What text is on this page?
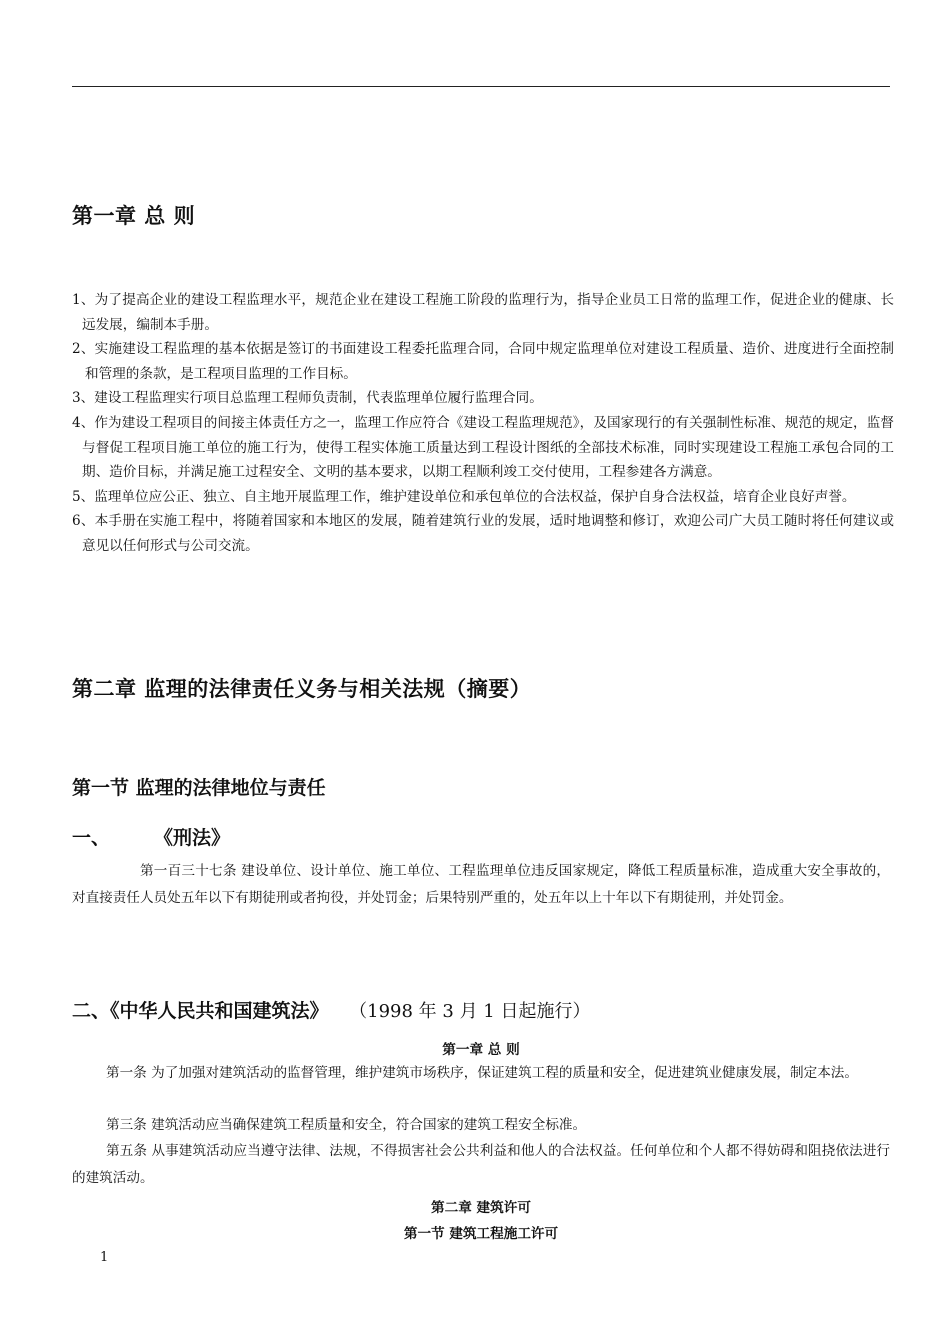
第一章 总 则
1、为了提高企业的建设工程监理水平，规范企业在建设工程施工阶段的监理行为，指导企业员工日常的监理工作，促进企业的健康、长远发展，编制本手册。
2、实施建设工程监理的基本依据是签订的书面建设工程委托监理合同，合同中规定监理单位对建设工程质量、造价、进度进行全面控制和管理的条款，是工程项目监理的工作目标。
3、建设工程监理实行项目总监理工程师负责制，代表监理单位履行监理合同。
4、作为建设工程项目的间接主体责任方之一，监理工作应符合《建设工程监理规范》，及国家现行的有关强制性标准、规范的规定，监督与督促工程项目施工单位的施工行为，使得工程实体施工质量达到工程设计图纸的全部技术标准，同时实现建设工程施工承包合同的工期、造价目标，并满足施工过程安全、文明的基本要求，以期工程顺利竣工交付使用，工程参建各方满意。
5、监理单位应公正、独立、自主地开展监理工作，维护建设单位和承包单位的合法权益，保护自身合法权益，培育企业良好声誉。
6、本手册在实施工程中，将随着国家和本地区的发展，随着建筑行业的发展，适时地调整和修订，欢迎公司广大员工随时将任何建议或意见以任何形式与公司交流。
第二章 监理的法律责任义务与相关法规（摘要）
第一节 监理的法律地位与责任
一、 《刑法》
第一百三十七条 建设单位、设计单位、施工单位、工程监理单位违反国家规定，降低工程质量标准，造成重大安全事故的，对直接责任人员处五年以下有期徒刑或者拘役，并处罚金；后果特别严重的，处五年以上十年以下有期徒刑，并处罚金。
二、《中华人民共和国建筑法》 （1998 年 3 月 1 日起施行）
第一章 总 则
第一条 为了加强对建筑活动的监督管理，维护建筑市场秩序，保证建筑工程的质量和安全，促进建筑业健康发展，制定本法。
第三条 建筑活动应当确保建筑工程质量和安全，符合国家的建筑工程安全标准。
第五条 从事建筑活动应当遵守法律、法规，不得损害社会公共利益和他人的合法权益。任何单位和个人都不得妨碍和阻挠依法进行的建筑活动。
第二章 建筑许可
第一节 建筑工程施工许可
1
